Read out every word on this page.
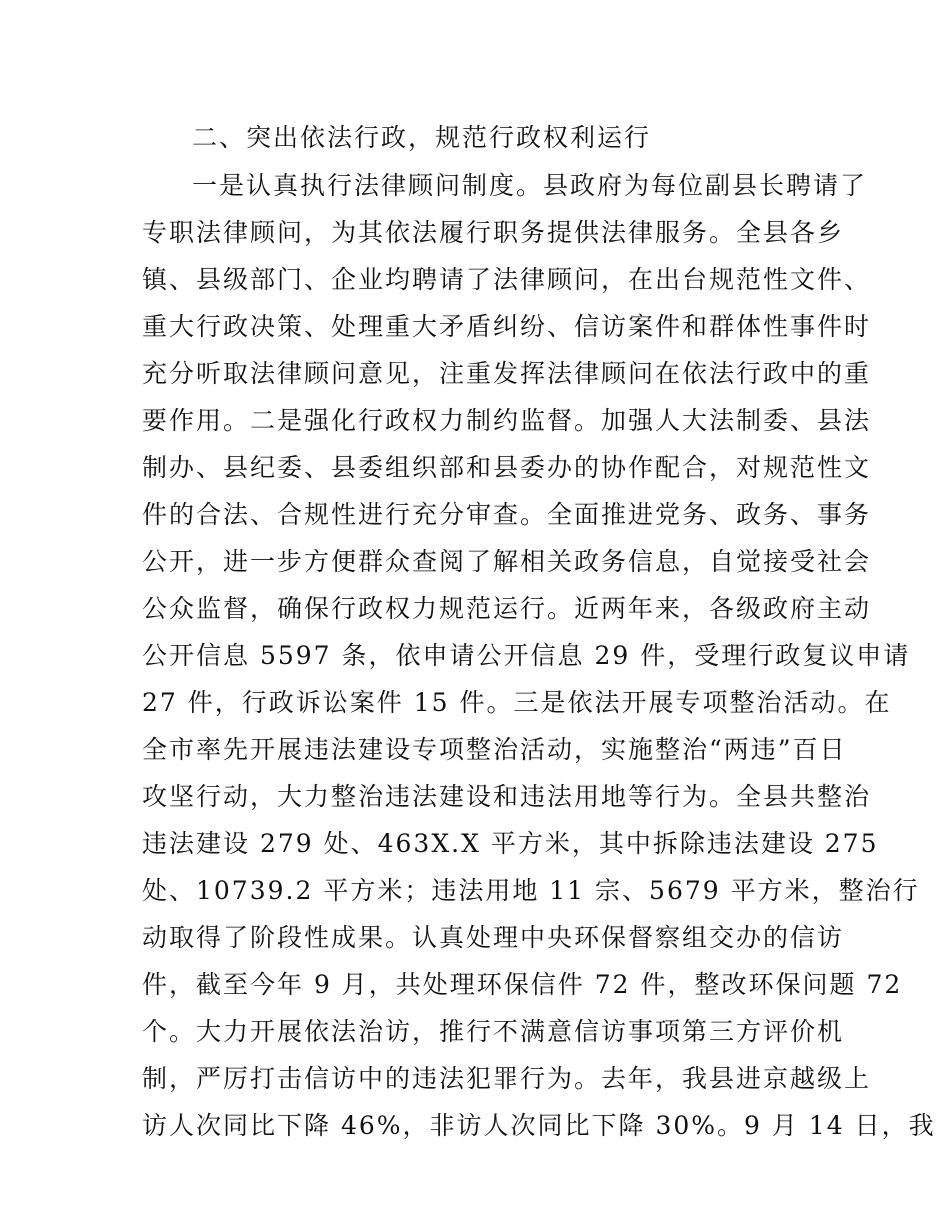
二、突出依法行政，规范行政权利运行
一是认真执行法律顾问制度。县政府为每位副县长聘请了
专职法律顾问，为其依法履行职务提供法律服务。全县各乡
镇、县级部门、企业均聘请了法律顾问，在出台规范性文件、
重大行政决策、处理重大矛盾纠纷、信访案件和群体性事件时
充分听取法律顾问意见，注重发挥法律顾问在依法行政中的重
要作用。二是强化行政权力制约监督。加强人大法制委、县法
制办、县纪委、县委组织部和县委办的协作配合，对规范性文
件的合法、合规性进行充分审查。全面推进党务、政务、事务
公开，进一步方便群众查阅了解相关政务信息，自觉接受社会
公众监督，确保行政权力规范运行。近两年来，各级政府主动
公开信息 5597 条，依申请公开信息 29 件，受理行政复议申请
27 件，行政诉讼案件 15 件。三是依法开展专项整治活动。在
全市率先开展违法建设专项整治活动，实施整治“两违”百日
攻坚行动，大力整治违法建设和违法用地等行为。全县共整治
违法建设 279 处、463X.X 平方米，其中拆除违法建设 275
处、10739.2 平方米；违法用地 11 宗、5679 平方米，整治行
动取得了阶段性成果。认真处理中央环保督察组交办的信访
件，截至今年 9 月，共处理环保信件 72 件，整改环保问题 72
个。大力开展依法治访，推行不满意信访事项第三方评价机
制，严厉打击信访中的违法犯罪行为。去年，我县进京越级上
访人次同比下降 46%，非访人次同比下降 30%。9 月 14 日，我
